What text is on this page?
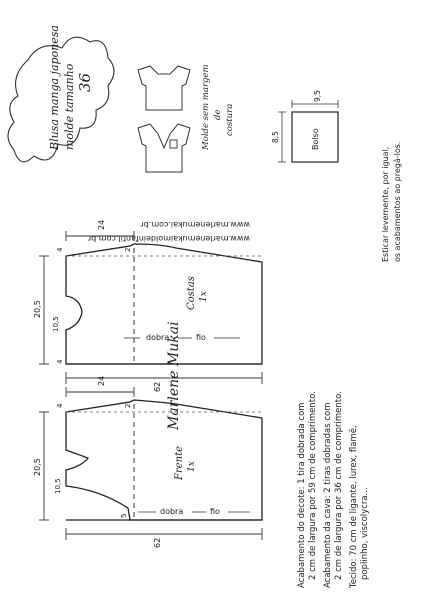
Blusa manga japonesa molde tamanho 36	Molde sem margem de costura
www.marlenemukai.com.br
www.marlenemukaimoldeinfantil.com.br
Bolso
8,5
9,5
Esticar levemente, por igual, os acabamentos ao pregá-los.
dobra	fio
Costas 1x
62
24
20,5
10,5
4	2
4	Marlene Mukai
dobra	fio
Frente 1x
62
24
20,5
10,5
4	2
5	Acabamento do decote: 1 tira dobrada com 2 cm de largura por 59 cm de comprimento. Acabamento da cava: 2 tiras dobradas com 2 cm de largura por 36 cm de comprimento. Tecido: 70 cm de ligante, lurex, flamê, poplinho, viscolycra...
